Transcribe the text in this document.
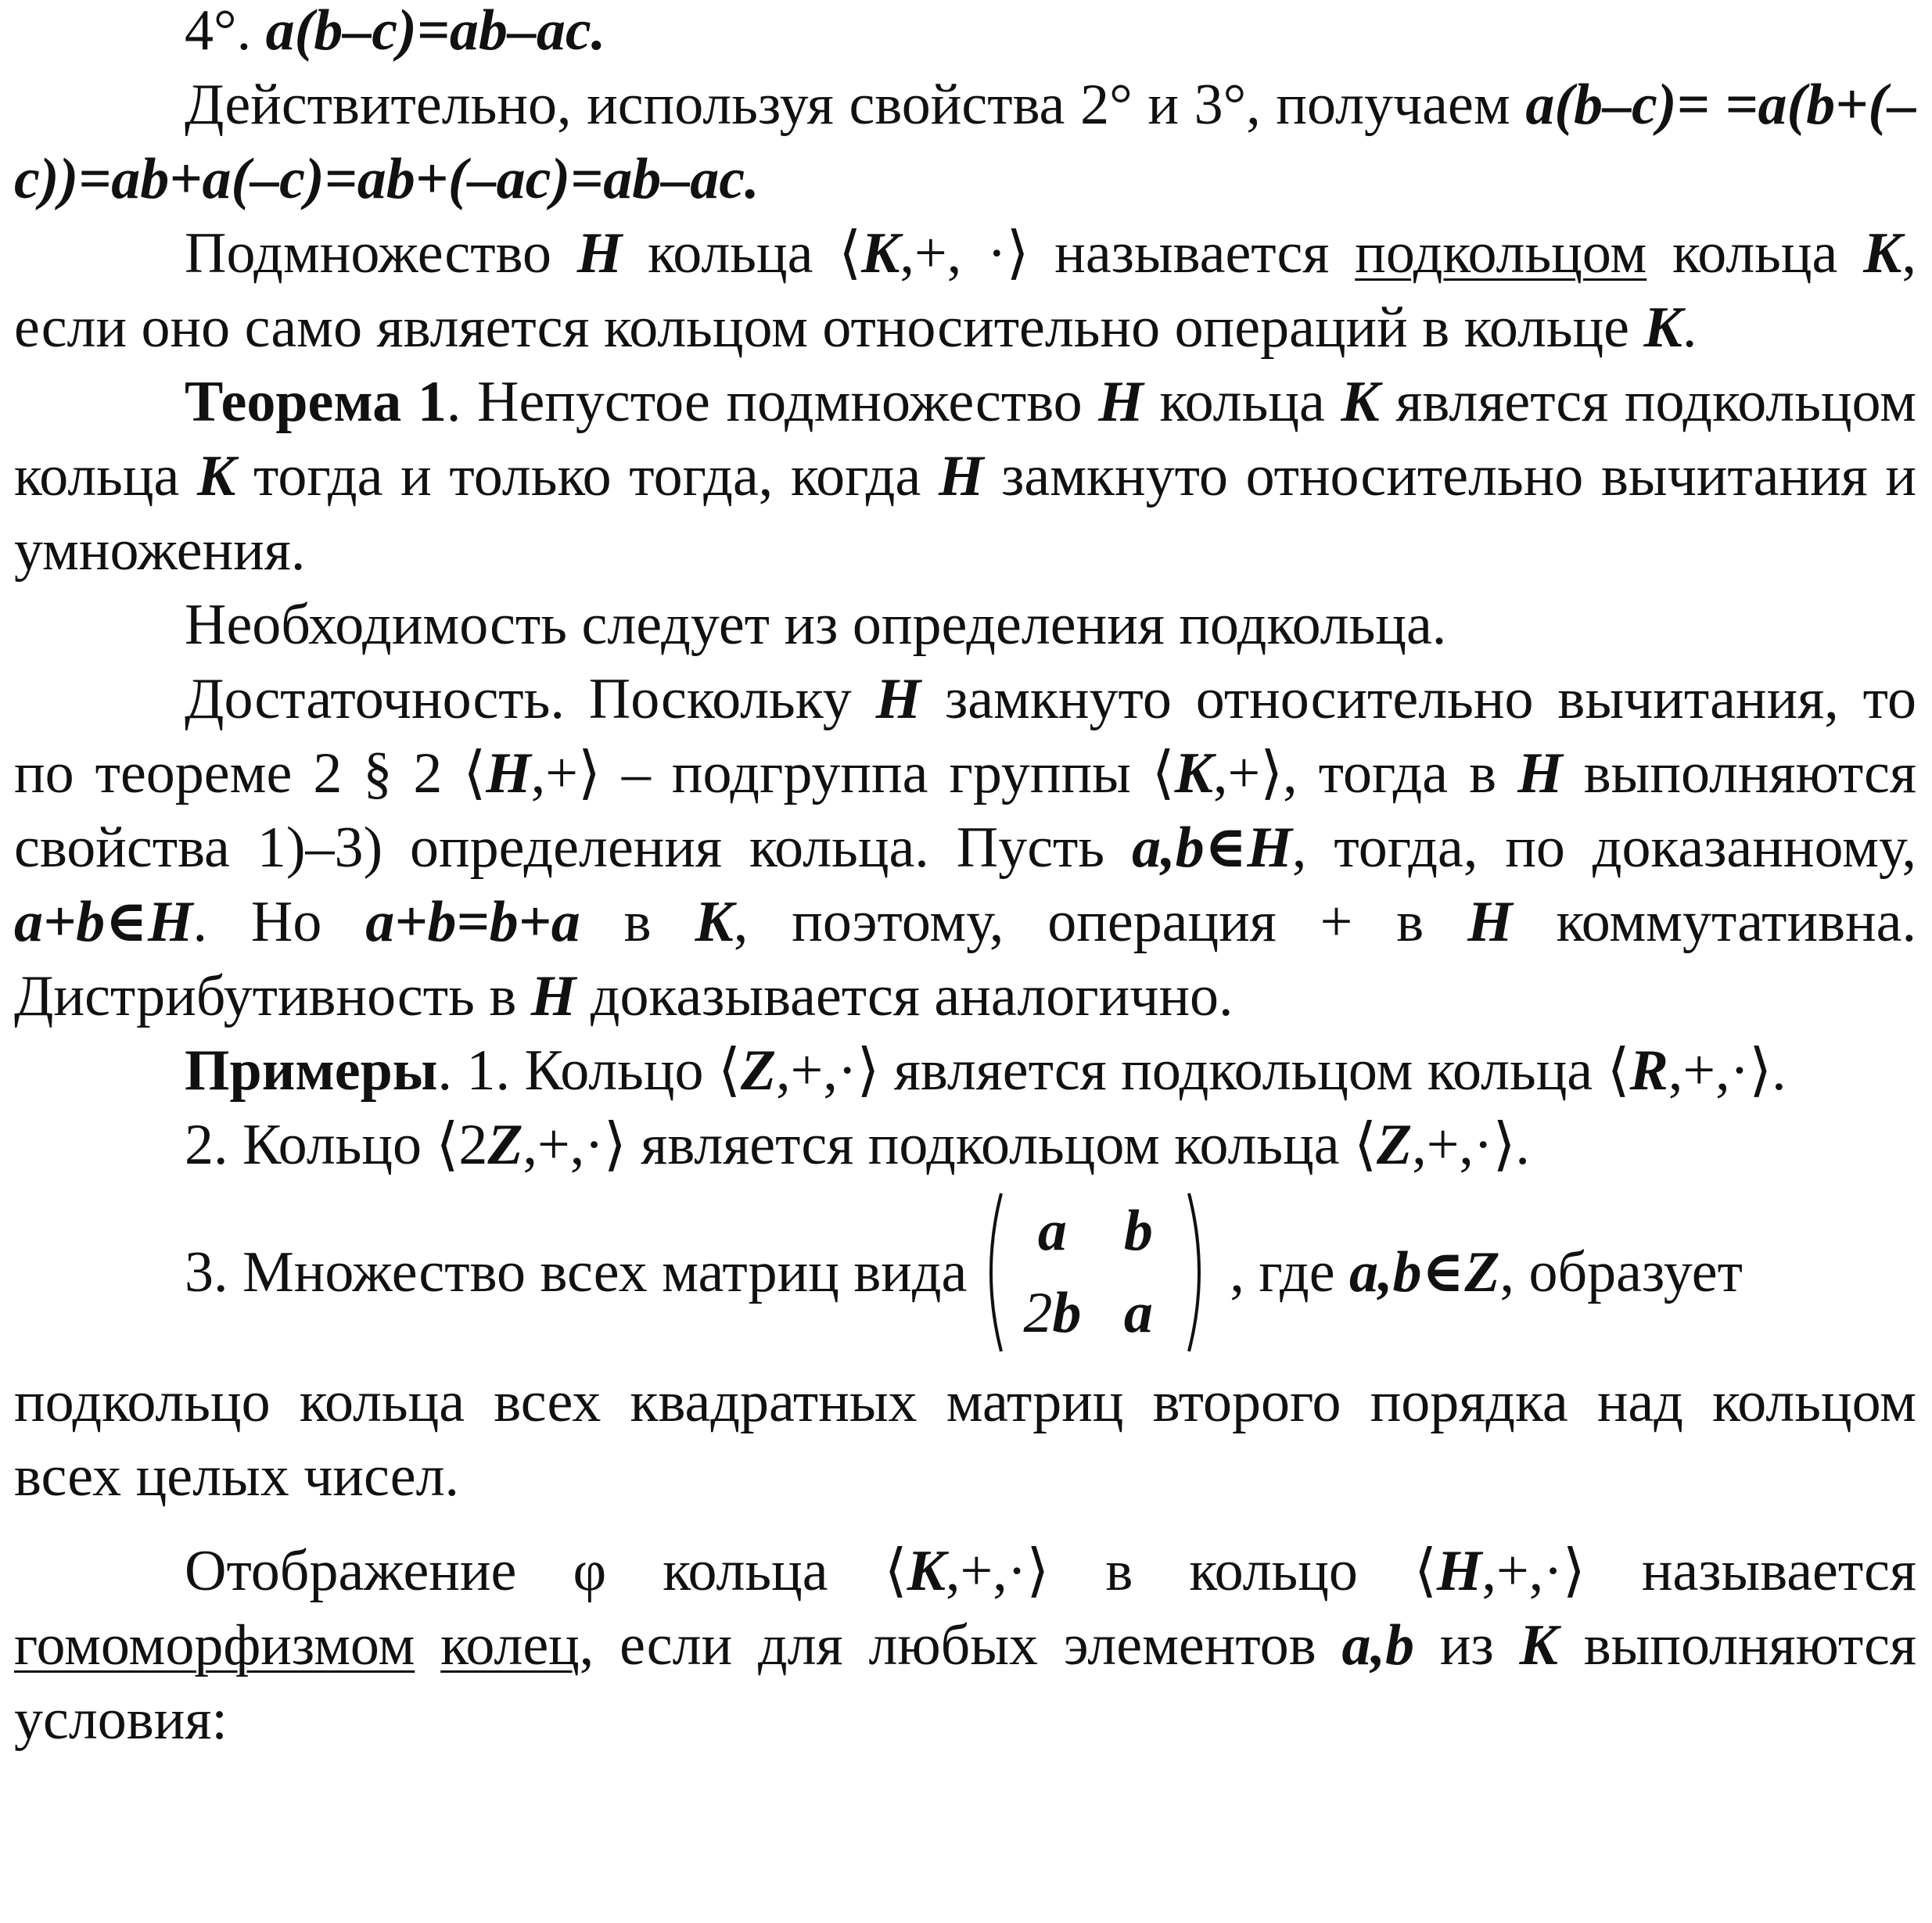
4°. a(b–c)=ab–ac.

Действительно, используя свойства 2° и 3°, получаем a(b–c)= =a(b+(–c))=ab+a(–c)=ab+(–ac)=ab–ac.

Подмножество H кольца ⟨K,+, ·⟩ называется подкольцом кольца K, если оно само является кольцом относительно операций в кольце K.

Теорема 1. Непустое подмножество H кольца K является подкольцом кольца K тогда и только тогда, когда H замкнуто относительно вычитания и умножения.

Необходимость следует из определения подкольца.

Достаточность. Поскольку H замкнуто относительно вычитания, то по теореме 2 § 2 ⟨H,+⟩ – подгруппа группы ⟨K,+⟩, тогда в H выполняются свойства 1)–3) определения кольца. Пусть a,b∈H, тогда, по доказанному, a+b∈H. Но a+b=b+a в K, поэтому, операция + в H коммутативна. Дистрибутивность в H доказывается аналогично.

Примеры. 1. Кольцо ⟨Z,+,·⟩ является подкольцом кольца ⟨R,+,·⟩.

2. Кольцо ⟨2Z,+,·⟩ является подкольцом кольца ⟨Z,+,·⟩.

3. Множество всех матриц вида
a b
2b a
, где a,b∈Z, образует

подкольцо кольца всех квадратных матриц второго порядка над кольцом всех целых чисел.

Отображение φ кольца ⟨K,+,·⟩ в кольцо ⟨H,+,·⟩ называется гомоморфизмом колец, если для любых элементов a,b из K выполняются условия:
